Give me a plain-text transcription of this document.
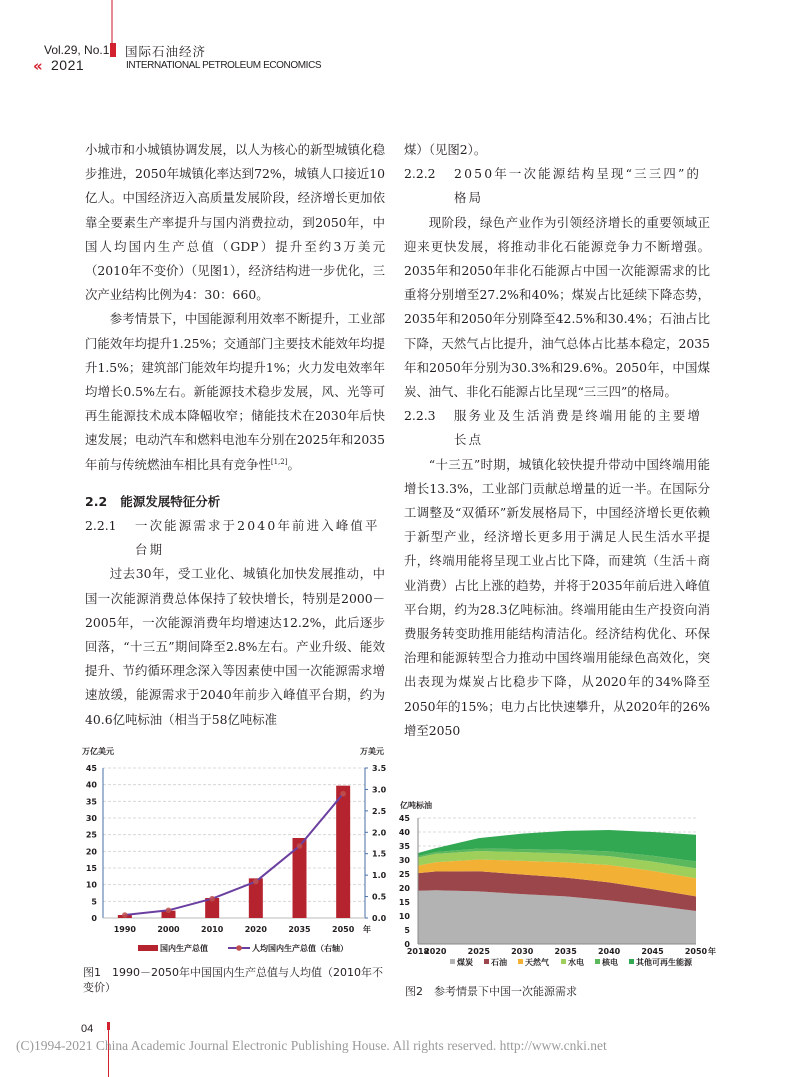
Vol.29, No.1
« 2021
国际石油经济
INTERNATIONAL PETROLEUM ECONOMICS

小城市和小城镇协调发展，以人为核心的新型城镇化稳步推进，2050年城镇化率达到72%，城镇人口接近10亿人。中国经济迈入高质量发展阶段，经济增长更加依靠全要素生产率提升与国内消费拉动，到2050年，中国人均国内生产总值（GDP）提升至约3万美元（2010年不变价）（见图1），经济结构进一步优化，三次产业结构比例为4：30：660。

参考情景下，中国能源利用效率不断提升，工业部门能效年均提升1.25%；交通部门主要技术能效年均提升1.5%；建筑部门能效年均提升1%；火力发电效率年均增长0.5%左右。新能源技术稳步发展，风、光等可再生能源技术成本降幅收窄；储能技术在2030年后快速发展；电动汽车和燃料电池车分别在2025年和2035年前与传统燃油车相比具有竞争性[1,2]。

2.2 能源发展特征分析

2.2.1	一次能源需求于2040年前进入峰值平台期

过去30年，受工业化、城镇化加快发展推动，中国一次能源消费总体保持了较快增长，特别是2000－2005年，一次能源消费年均增速达12.2%，此后逐步回落，“十三五”期间降至2.8%左右。产业升级、能效提升、节约循环理念深入等因素使中国一次能源需求增速放缓，能源需求于2040年前步入峰值平台期，约为40.6亿吨标油（相当于58亿吨标准

煤）（见图2）。

2.2.2	2050年一次能源结构呈现“三三四”的格局

现阶段，绿色产业作为引领经济增长的重要领域正迎来更快发展，将推动非化石能源竞争力不断增强。2035年和2050年非化石能源占中国一次能源需求的比重将分别增至27.2%和40%；煤炭占比延续下降态势，2035年和2050年分别降至42.5%和30.4%；石油占比下降，天然气占比提升，油气总体占比基本稳定，2035年和2050年分别为30.3%和29.6%。2050年，中国煤炭、油气、非化石能源占比呈现“三三四”的格局。

2.2.3	服务业及生活消费是终端用能的主要增长点

“十三五”时期，城镇化较快提升带动中国终端用能增长13.3%，工业部门贡献总增量的近一半。在国际分工调整及“双循环”新发展格局下，中国经济增长更依赖于新型产业，经济增长更多用于满足人民生活水平提升，终端用能将呈现工业占比下降，而建筑（生活＋商业消费）占比上涨的趋势，并将于2035年前后进入峰值平台期，约为28.3亿吨标油。终端用能由生产投资向消费服务转变助推用能结构清洁化。经济结构优化、环保治理和能源转型合力推动中国终端用能绿色高效化，突出表现为煤炭占比稳步下降，从2020年的34%降至2050年的15%；电力占比快速攀升，从2020年的26%增至2050

万亿美元	万美元
0
5
10
15
20
25
30
35
40
45
0.0
0.5
1.0
1.5
2.0
2.5
3.0
3.5
1990	2000	2010	2020	2035	2050 年
国内生产总值	人均国内生产总值（右轴）
图1　1990－2050年中国国内生产总值与人均值（2010年不变价）
亿吨标油
0
5
10
15
20
25
30
35
40
45
2018
2020	2025	2030	2035	2040	2045	2050 年
煤炭 石油 天然气 水电 核电 其他可再生能源
图2　参考情景下中国一次能源需求
04
(C)1994-2021 China Academic Journal Electronic Publishing House. All rights reserved. http://www.cnki.net
